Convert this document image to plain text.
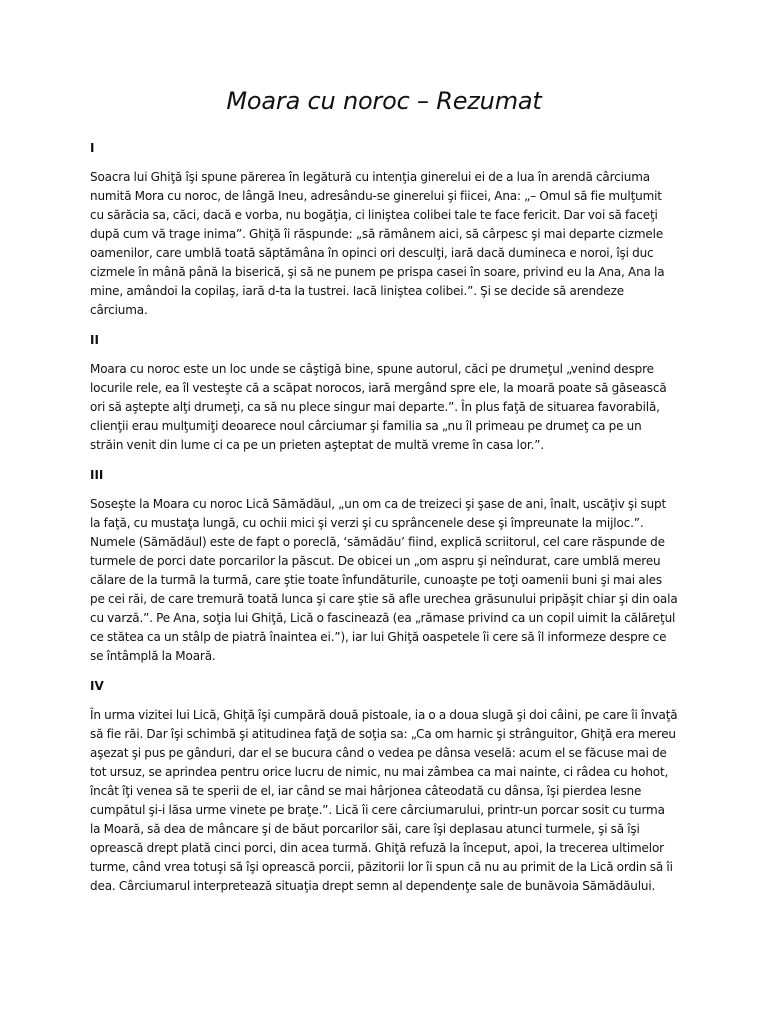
Moara cu noroc – Rezumat
I

Soacra lui Ghiţă îşi spune părerea în legătură cu intenţia ginerelui ei de a lua în arendă cârciuma numită Mora cu noroc, de lângă Ineu, adresându-se ginerelui şi fiicei, Ana: „– Omul să fie mulţumit cu sărăcia sa, căci, dacă e vorba, nu bogăţia, ci liniştea colibei tale te face fericit. Dar voi să faceţi după cum vă trage inima”. Ghiţă îi răspunde: „să rămânem aici, să cârpesc şi mai departe cizmele oamenilor, care umblă toată săptămâna în opinci ori desculţi, iară dacă dumineca e noroi, îşi duc cizmele în mână până la biserică, şi să ne punem pe prispa casei în soare, privind eu la Ana, Ana la mine, amândoi la copilaş, iară d-ta la tustrei. Iacă liniştea colibei.”. Şi se decide să arendeze cârciuma.

II

Moara cu noroc este un loc unde se câştigă bine, spune autorul, căci pe drumeţul „venind despre locurile rele, ea îl vesteşte că a scăpat norocos, iară mergând spre ele, la moară poate să găsească ori să aştepte alţi drumeţi, ca să nu plece singur mai departe.”. În plus faţă de situarea favorabilă, clienţii erau mulţumiţi deoarece noul cârciumar şi familia sa „nu îl primeau pe drumeţ ca pe un străin venit din lume ci ca pe un prieten aşteptat de multă vreme în casa lor.”.

III

Soseşte la Moara cu noroc Lică Sămădăul, „un om ca de treizeci şi şase de ani, înalt, uscăţiv şi supt la faţă, cu mustaţa lungă, cu ochii mici şi verzi şi cu sprâncenele dese şi împreunate la mijloc.”. Numele (Sămădăul) este de fapt o poreclă, ‘sămădău’ fiind, explică scriitorul, cel care răspunde de turmele de porci date porcarilor la păscut. De obicei un „om aspru şi neîndurat, care umblă mereu călare de la turmă la turmă, care ştie toate înfundăturile, cunoaşte pe toţi oamenii buni şi mai ales pe cei răi, de care tremură toată lunca şi care ştie să afle urechea grăsunului pripăşit chiar şi din oala cu varză.”. Pe Ana, soţia lui Ghiţă, Lică o fascinează (ea „rămase privind ca un copil uimit la călăreţul ce stătea ca un stâlp de piatră înaintea ei.”), iar lui Ghiţă oaspetele îi cere să îl informeze despre ce se întâmplă la Moară.

IV

În urma vizitei lui Lică, Ghiţă îşi cumpără două pistoale, ia o a doua slugă şi doi câini, pe care îi învaţă să fie răi. Dar îşi schimbă şi atitudinea faţă de soţia sa: „Ca om harnic şi strânguitor, Ghiţă era mereu aşezat şi pus pe gânduri, dar el se bucura când o vedea pe dânsa veselă: acum el se făcuse mai de tot ursuz, se aprindea pentru orice lucru de nimic, nu mai zâmbea ca mai nainte, ci râdea cu hohot, încât îţi venea să te sperii de el, iar când se mai hârjonea câteodată cu dânsa, îşi pierdea lesne cumpătul şi-i lăsa urme vinete pe braţe.”. Lică îi cere cârciumarului, printr-un porcar sosit cu turma la Moară, să dea de mâncare şi de băut porcarilor săi, care îşi deplasau atunci turmele, şi să îşi oprească drept plată cinci porci, din acea turmă. Ghiţă refuză la început, apoi, la trecerea ultimelor turme, când vrea totuşi să îşi oprească porcii, păzitorii lor îi spun că nu au primit de la Lică ordin să îi dea. Cârciumarul interpretează situaţia drept semn al dependenţe sale de bunăvoia Sămădăului.
